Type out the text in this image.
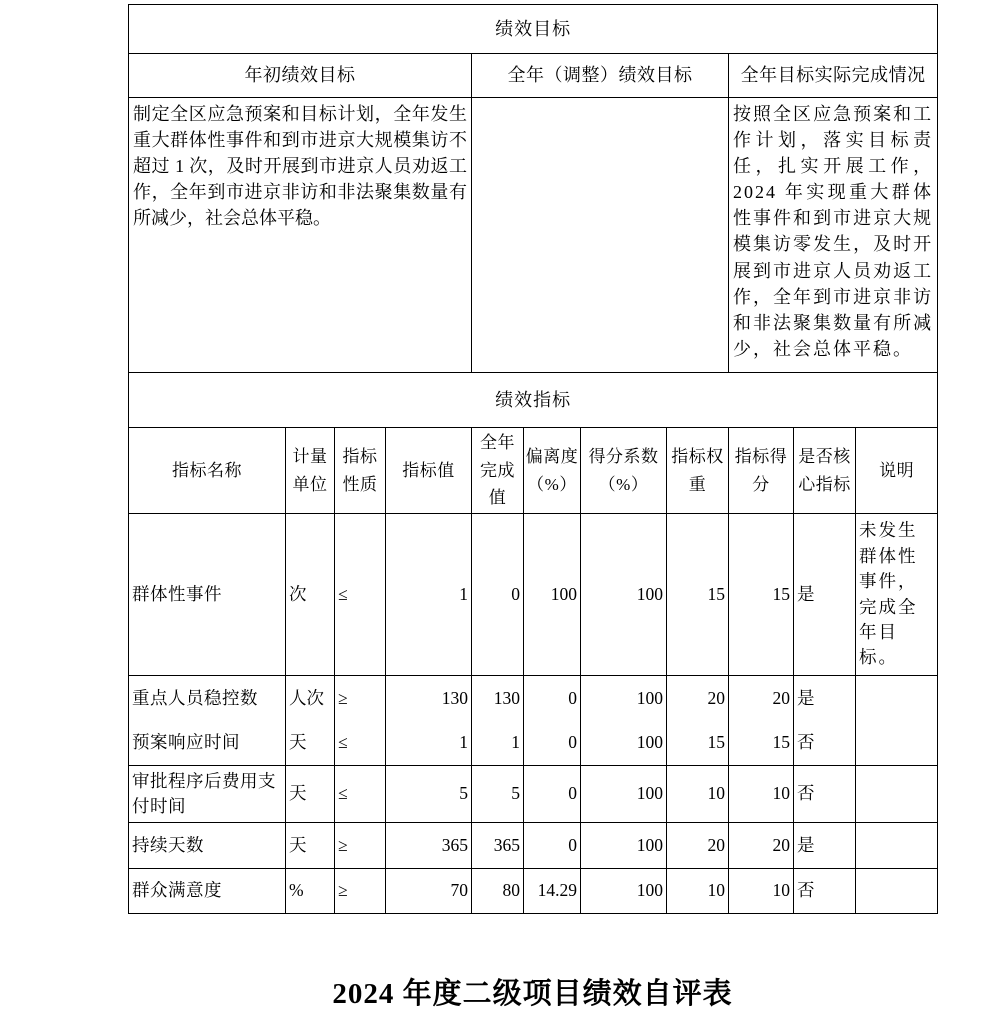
绩效目标										
年初绩效目标				全年（调整）绩效目标				全年目标实际完成情况		
制定全区应急预案和目标计划，全年发生重大群体性事件和到市进京大规模集访不超过 1 次，及时开展到市进京人员劝返工作，全年到市进京非访和非法聚集数量有所减少，社会总体平稳。								按照全区应急预案和工作计划，落实目标责任，扎实开展工作，2024 年实现重大群体性事件和到市进京大规模集访零发生，及时开展到市进京人员劝返工作，全年到市进京非访和非法聚集数量有所减少，社会总体平稳。		
绩效指标										
指标名称	计量单位	指标性质	指标值	全年完成值	偏离度（%）	得分系数（%）	指标权重	指标得分	是否核心指标	说明
群体性事件	次	≤	1	0	100	100	15	15	是	未发生群体性事件，完成全年目标。
重点人员稳控数	人次	≥	130	130	0	100	20	20	是	
预案响应时间	天	≤	1	1	0	100	15	15	否	
审批程序后费用支付时间	天	≤	5	5	0	100	10	10	否	
持续天数	天	≥	365	365	0	100	20	20	是	
群众满意度	%	≥	70	80	14.29	100	10	10	否	
2024 年度二级项目绩效自评表
